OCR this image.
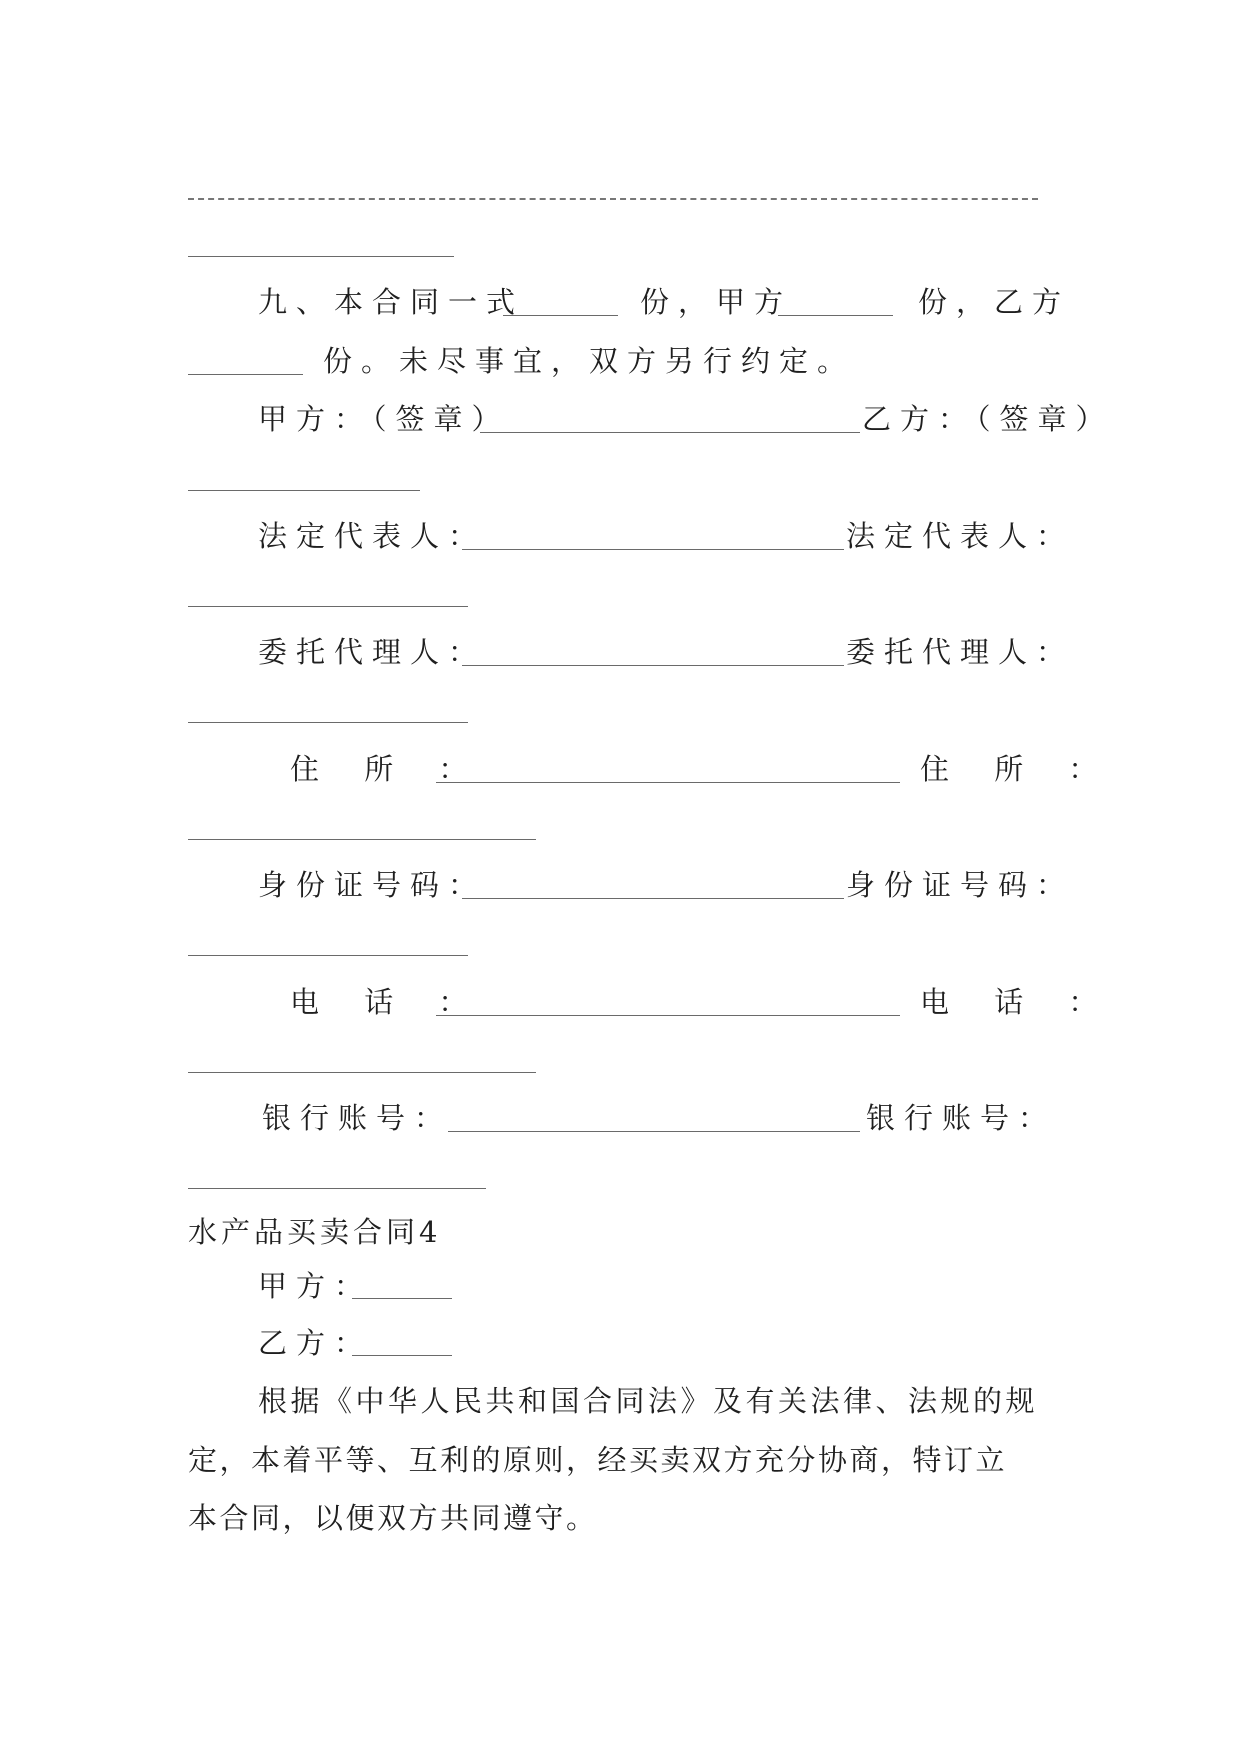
九、本合同一式	份，甲方	份，乙方
份。未尽事宜，双方另行约定。
甲方：（签章）	乙方：（签章）
法定代表人：	法定代表人：
委托代理人：	委托代理人：
住 所 ：	住 所 ：
身份证号码：	身份证号码：
电 话 ：	电 话 ：
银行账号：	银行账号：
水产品买卖合同4
甲方：
乙方：
根据《中华人民共和国合同法》及有关法律、法规的规
定，本着平等、互利的原则，经买卖双方充分协商，特订立
本合同，以便双方共同遵守。
